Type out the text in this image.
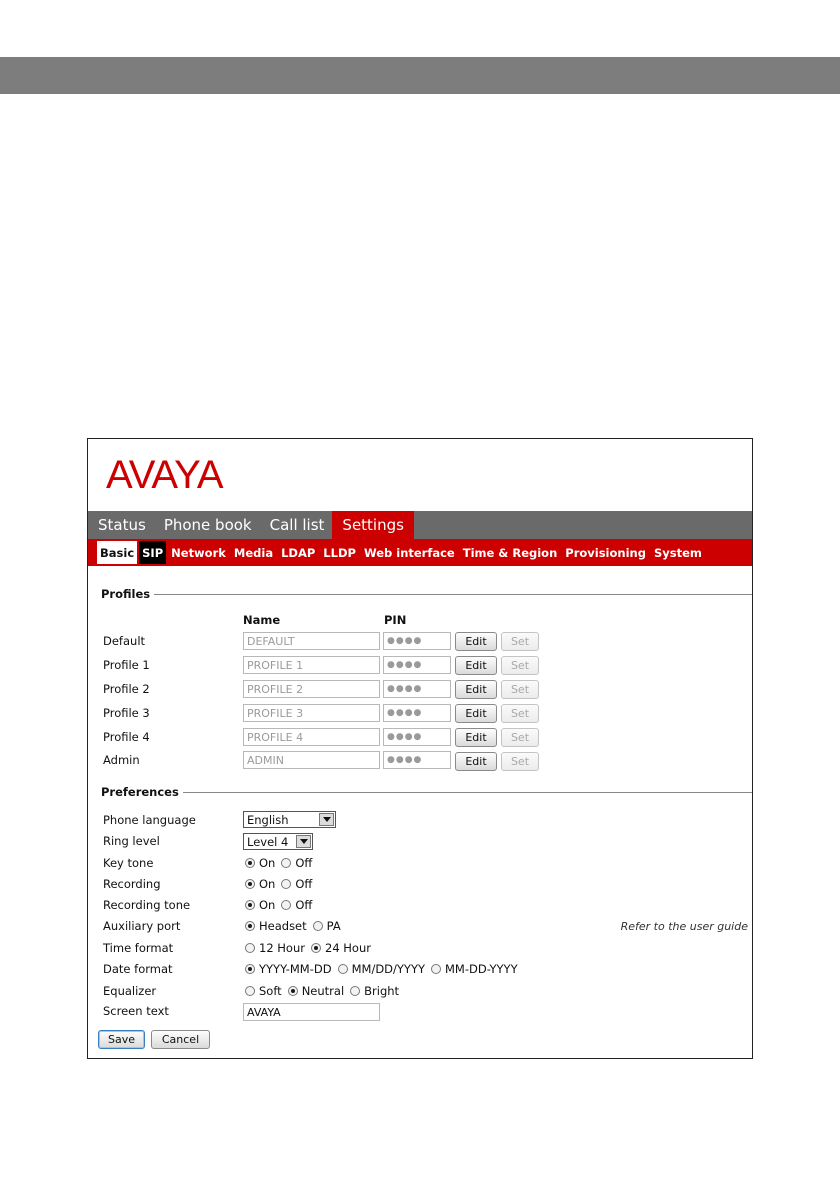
AVAYA
Status	Phone book	Call list	Settings
Basic SIP Network Media LDAP LLDP Web interface Time & Region Provisioning System
Profiles
Name	PIN
Default	DEFAULT	●●●●	Edit	Set
Profile 1	PROFILE 1	●●●●	Edit	Set
Profile 2	PROFILE 2	●●●●	Edit	Set
Profile 3	PROFILE 3	●●●●	Edit	Set
Profile 4	PROFILE 4	●●●●	Edit	Set
Admin	ADMIN	●●●●	Edit	Set
Preferences
Phone language	English
Ring level	Level 4
Key tone	On Off
Recording	On Off
Recording tone	On Off
Auxiliary port	Headset PA	Refer to the user guide
Time format	12 Hour 24 Hour
Date format	YYYY-MM-DD MM/DD/YYYY MM-DD-YYYY
Equalizer	Soft Neutral Bright
Screen text	AVAYA
Save	Cancel
